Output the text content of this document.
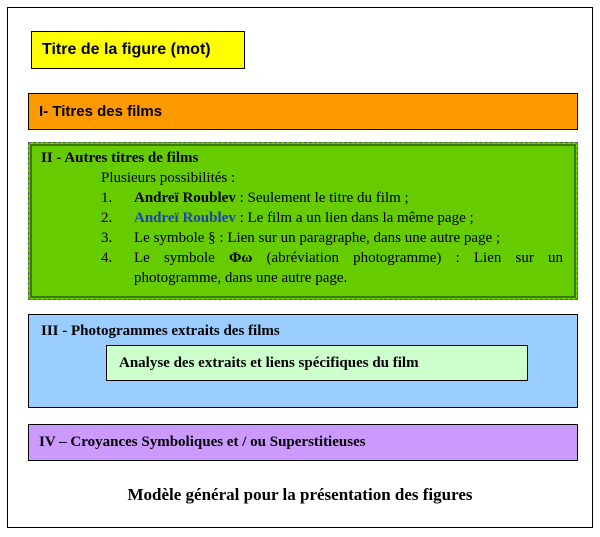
Titre de la figure (mot)
I- Titres des films
II - Autres titres de films
Plusieurs possibilités :
1. Andreï Roublev : Seulement le titre du film ;
2. Andreï Roublev : Le film a un lien dans la même page ;
3. Le symbole § : Lien sur un paragraphe, dans une autre page ;
4. Le symbole Φω (abréviation photogramme) : Lien sur un photogramme, dans une autre page.
III - Photogrammes extraits des films
Analyse des extraits et liens spécifiques du film
IV – Croyances Symboliques et / ou Superstitieuses
Modèle général pour la présentation des figures
